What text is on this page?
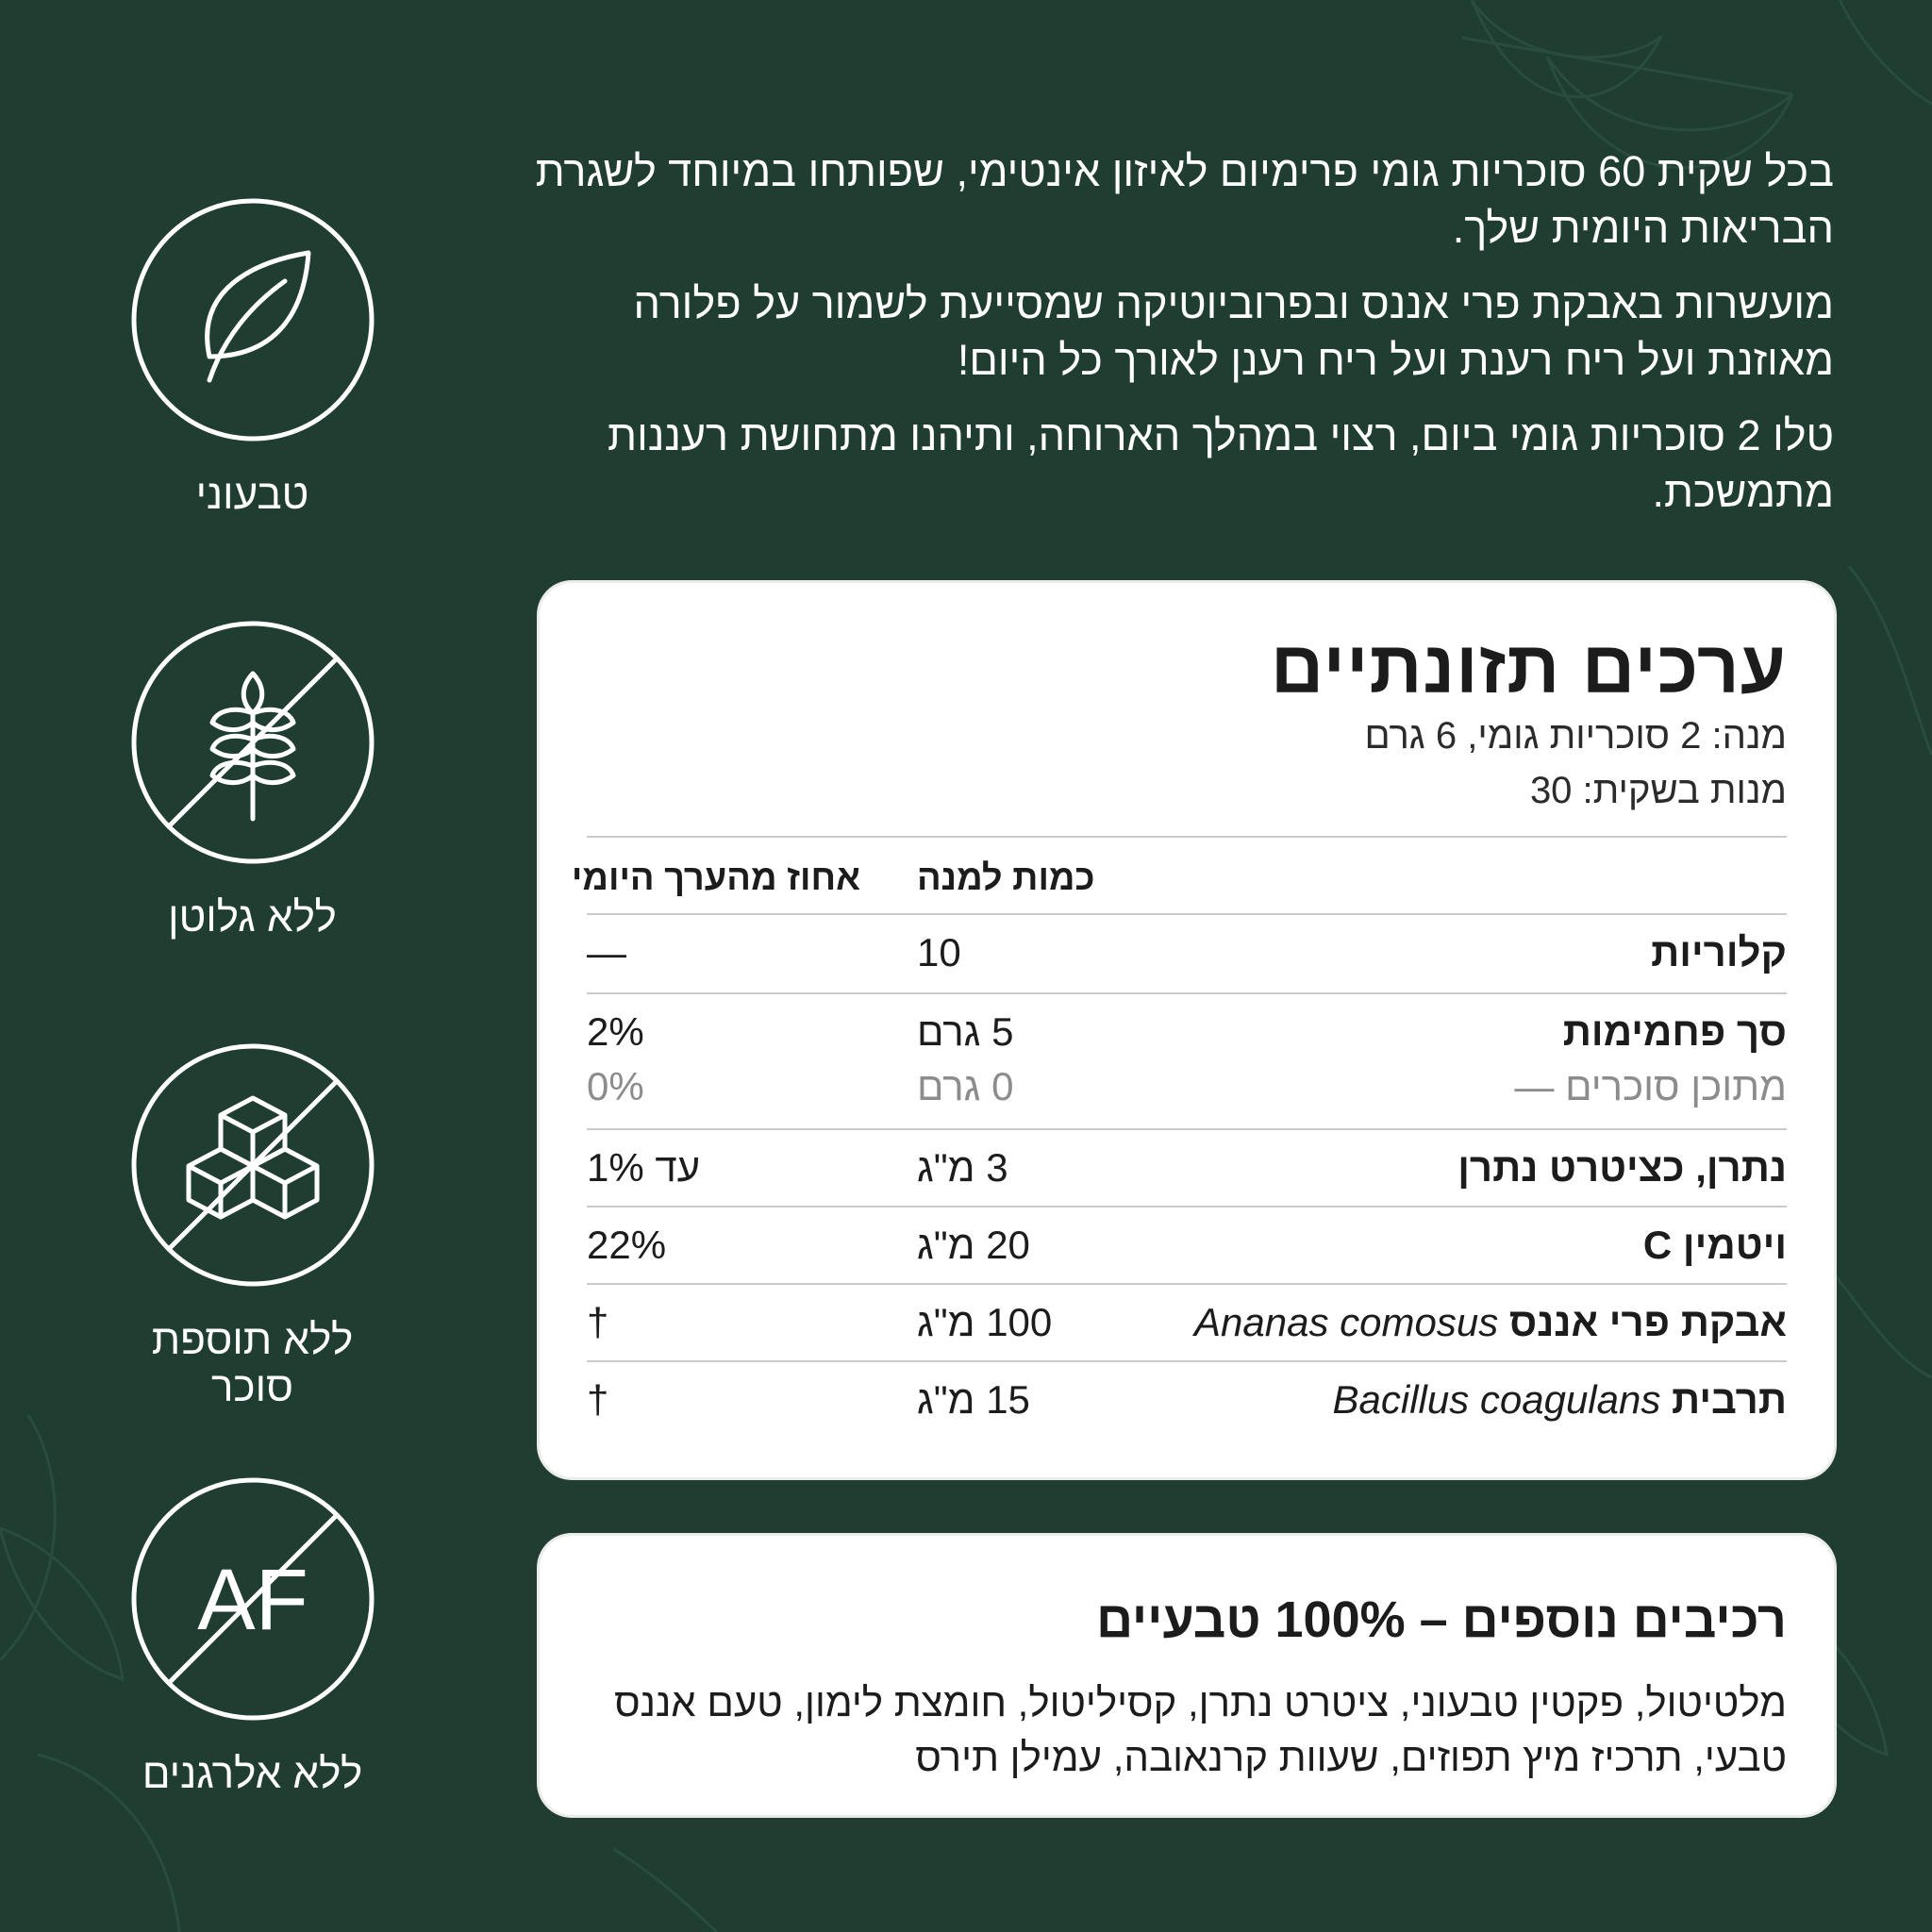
בכל שקית 60 סוכריות גומי פרימיום לאיזון אינטימי, שפותחו במיוחד לשגרת הבריאות היומית שלך.

מועשרות באבקת פרי אננס ובפרוביוטיקה שמסייעת לשמור על פלורה מאוזנת ועל ריח רענת ועל ריח רענן לאורך כל היום!

טלו 2 סוכריות גומי ביום, רצוי במהלך הארוחה, ותיהנו מתחושת רעננות מתמשכת.

טבעוני
ללא גלוטן
ללא תוספת סוכר
AF
ללא אלרגנים
ערכים תזונתיים
מנה: 2 סוכריות גומי, 6 גרם
מנות בשקית: 30
כמות למנה
אחוז מהערך היומי
קלוריות
10
—
סך פחמימות
5 גרם
2%
מתוכן סוכרים —
0 גרם
0%
נתרן, כציטרט נתרן
3 מ"ג
עד 1%
ויטמין C
20 מ"ג
22%
אבקת פרי אננס Ananas comosus
100 מ"ג
†
תרבית Bacillus coagulans
15 מ"ג
†
רכיבים נוספים – 100% טבעיים
מלטיטול, פקטין טבעוני, ציטרט נתרן, קסיליטול, חומצת לימון, טעם אננס טבעי, תרכיז מיץ תפוזים, שעוות קרנאובה, עמילן תירס
